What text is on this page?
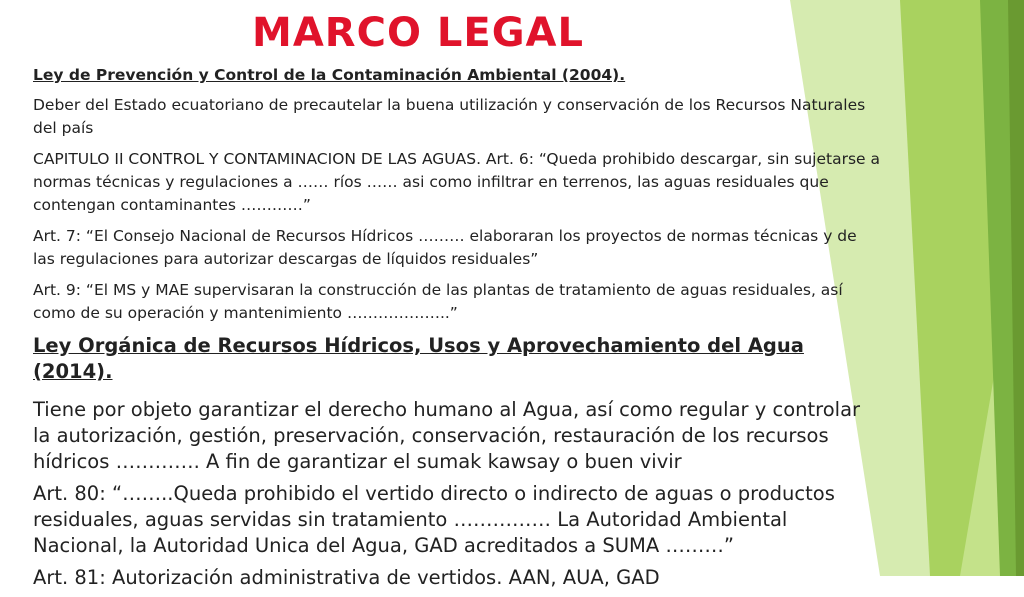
MARCO LEGAL

Ley de Prevención y Control de la Contaminación Ambiental (2004).

Deber del Estado ecuatoriano de precautelar la buena utilización y conservación de los Recursos Naturales del país

CAPITULO II CONTROL Y CONTAMINACION DE LAS AGUAS. Art. 6: “Queda prohibido descargar, sin sujetarse a normas técnicas y regulaciones a …… ríos …… asi como infiltrar en terrenos, las aguas residuales que contengan contaminantes …………”

Art. 7: “El Consejo Nacional de Recursos Hídricos ……… elaboraran los proyectos de normas técnicas y de las regulaciones para autorizar descargas de líquidos residuales”

Art. 9: “El MS y MAE supervisaran la construcción de las plantas de tratamiento de aguas residuales, así como de su operación y mantenimiento ………………..”

Ley Orgánica de Recursos Hídricos, Usos y Aprovechamiento del Agua (2014).

Tiene por objeto garantizar el derecho humano al Agua, así como regular y controlar la autorización, gestión, preservación, conservación, restauración de los recursos hídricos …………. A fin de garantizar el sumak kawsay o buen vivir

Art. 80: “……..Queda prohibido el vertido directo o indirecto de aguas o productos residuales, aguas servidas sin tratamiento …………… La Autoridad Ambiental Nacional, la Autoridad Unica del Agua, GAD acreditados a SUMA ………”

Art. 81: Autorización administrativa de vertidos. AAN, AUA, GAD
